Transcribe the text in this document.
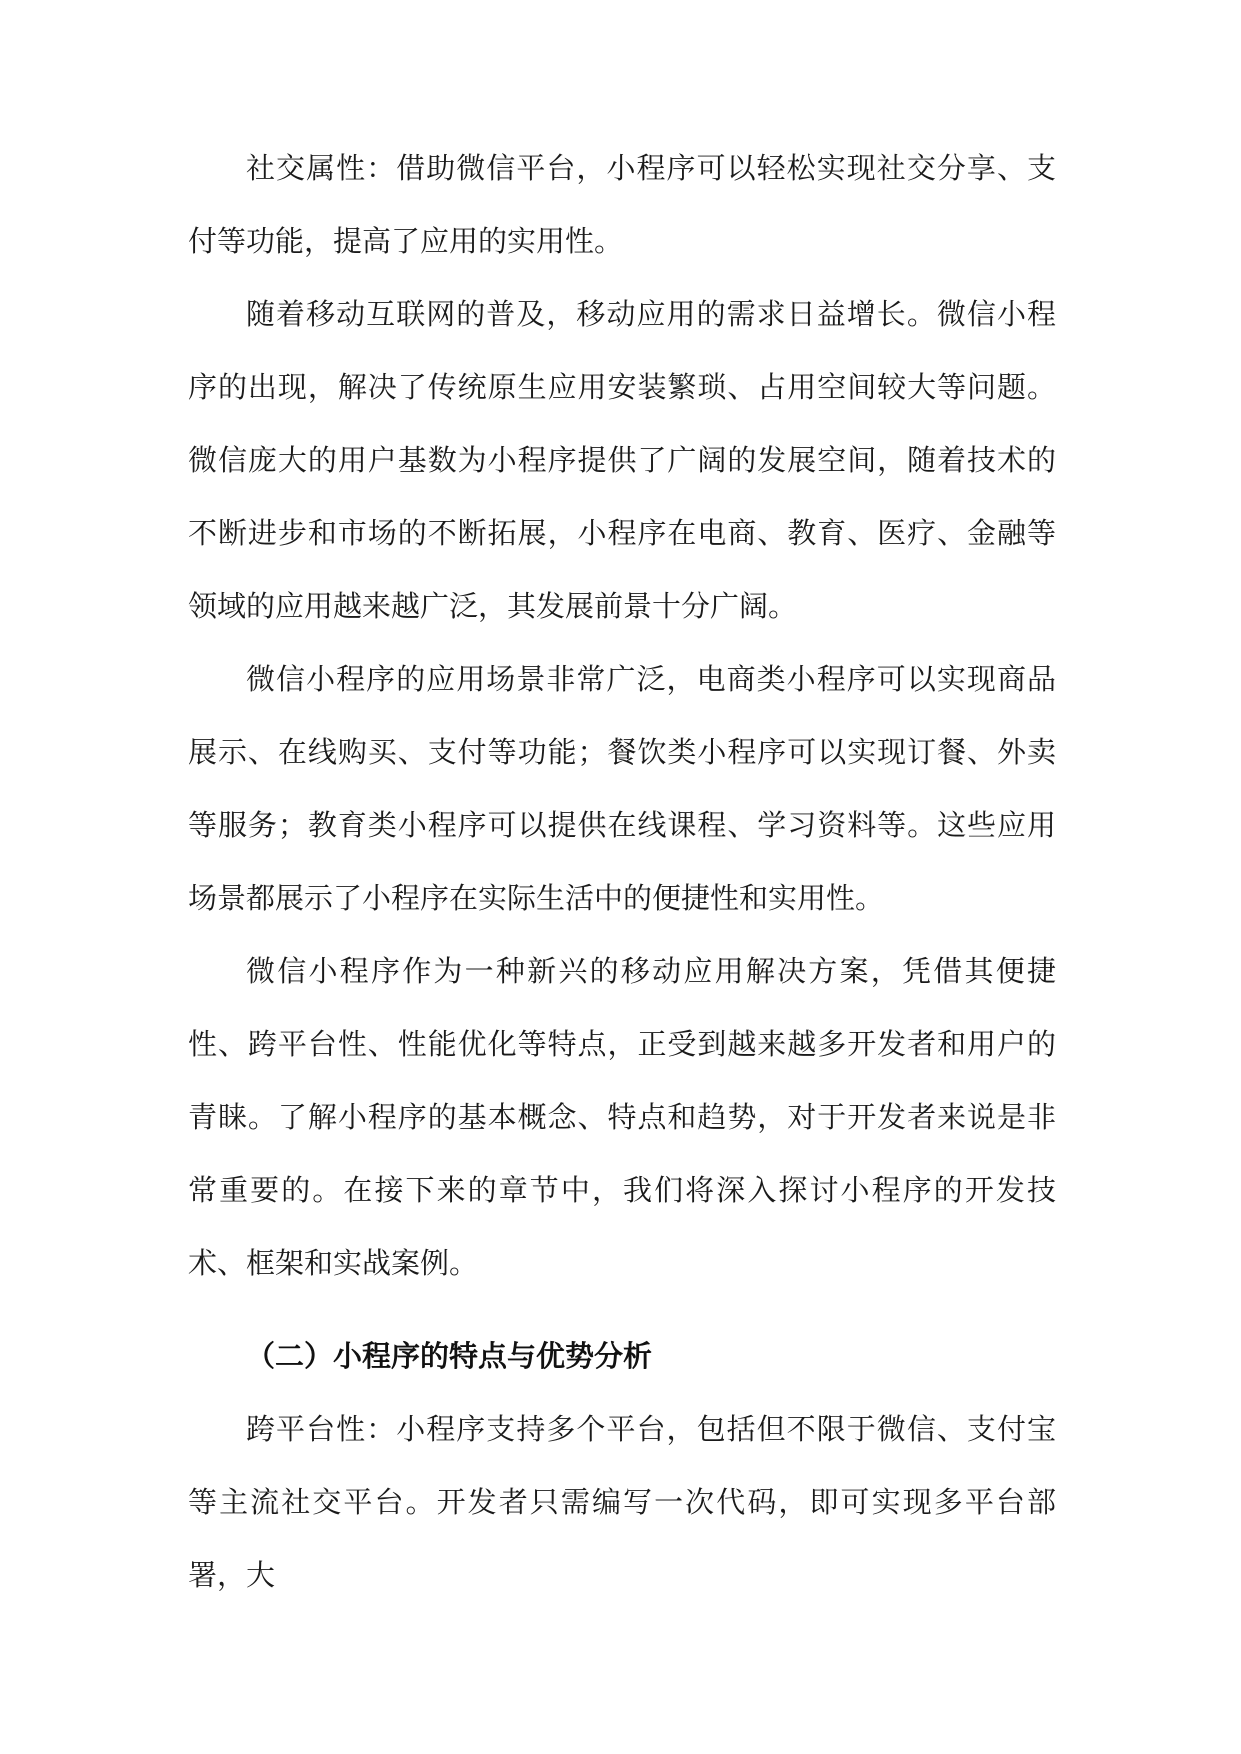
社交属性：借助微信平台，小程序可以轻松实现社交分享、支付等功能，提高了应用的实用性。

随着移动互联网的普及，移动应用的需求日益增长。微信小程序的出现，解决了传统原生应用安装繁琐、占用空间较大等问题。微信庞大的用户基数为小程序提供了广阔的发展空间，随着技术的不断进步和市场的不断拓展，小程序在电商、教育、医疗、金融等领域的应用越来越广泛，其发展前景十分广阔。

微信小程序的应用场景非常广泛，电商类小程序可以实现商品展示、在线购买、支付等功能；餐饮类小程序可以实现订餐、外卖等服务；教育类小程序可以提供在线课程、学习资料等。这些应用场景都展示了小程序在实际生活中的便捷性和实用性。

微信小程序作为一种新兴的移动应用解决方案，凭借其便捷性、跨平台性、性能优化等特点，正受到越来越多开发者和用户的青睐。了解小程序的基本概念、特点和趋势，对于开发者来说是非常重要的。在接下来的章节中，我们将深入探讨小程序的开发技术、框架和实战案例。

（二）小程序的特点与优势分析

跨平台性：小程序支持多个平台，包括但不限于微信、支付宝等主流社交平台。开发者只需编写一次代码，即可实现多平台部署，大
